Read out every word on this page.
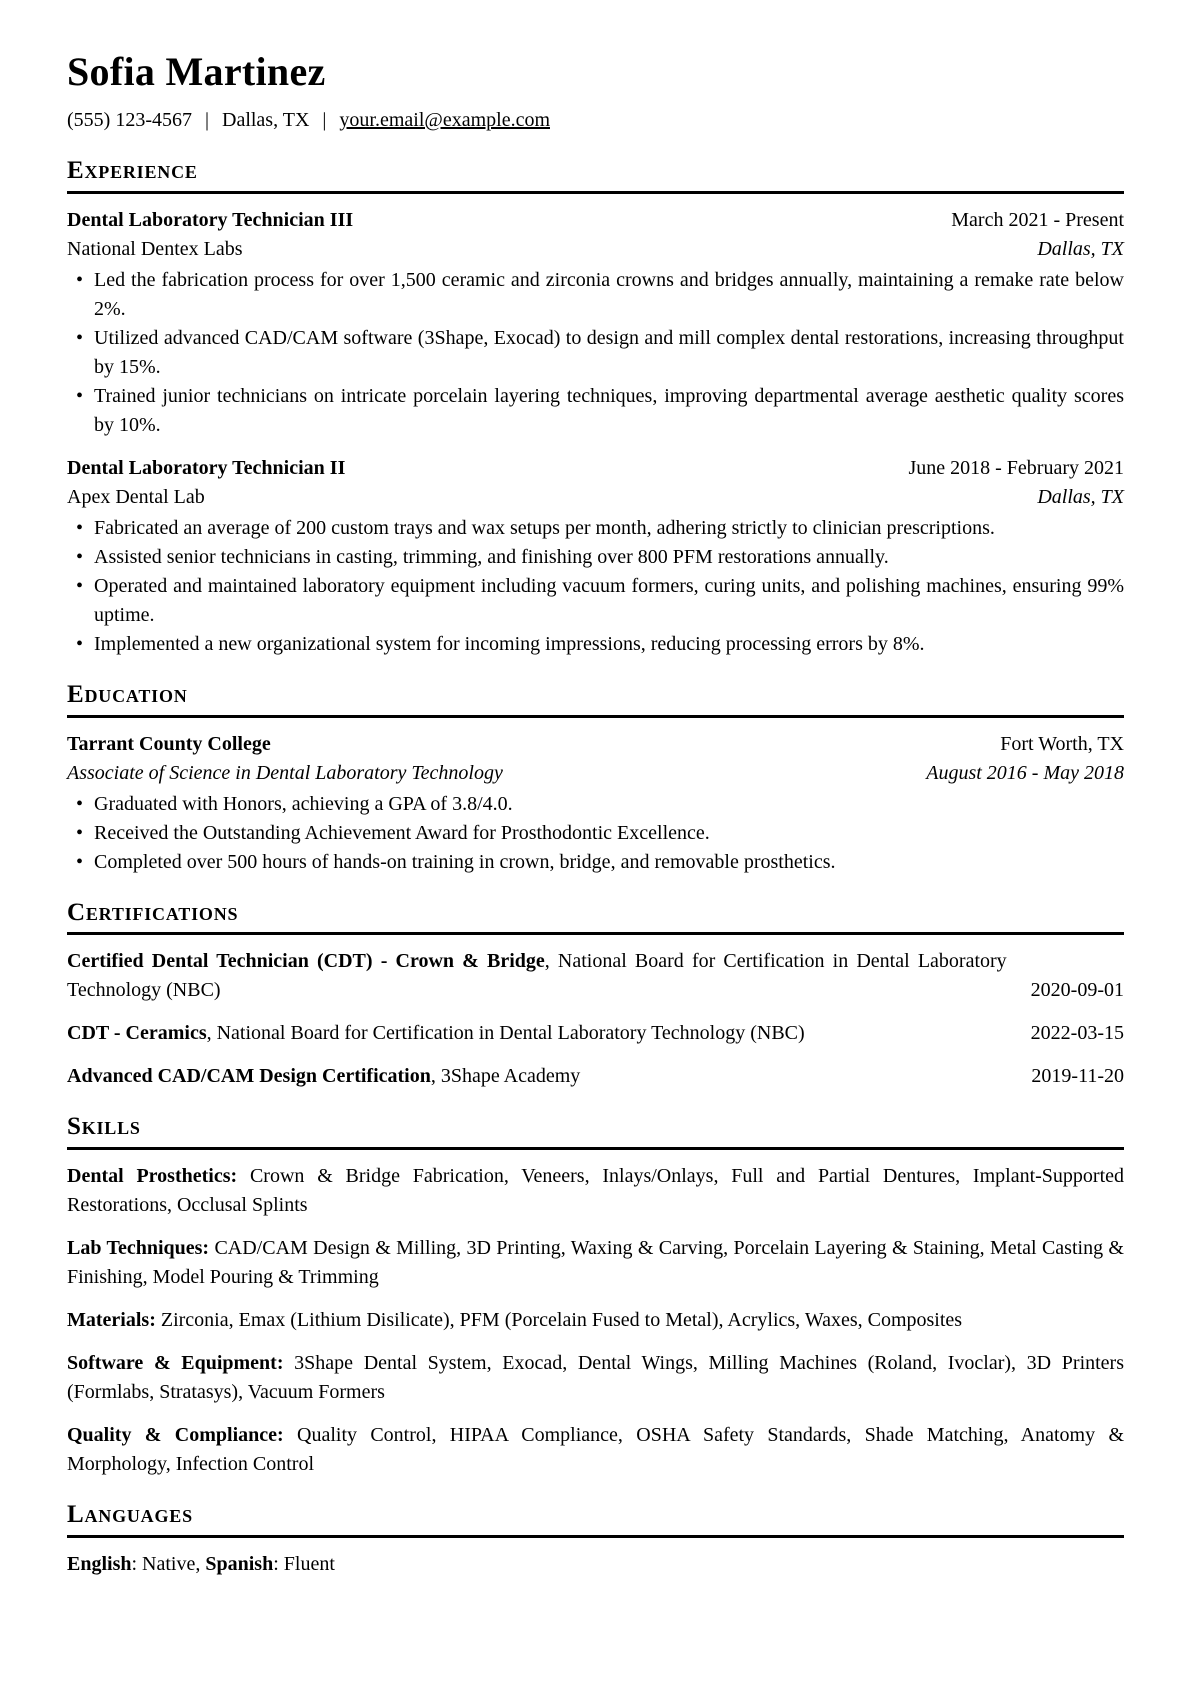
Sofia Martinez
(555) 123-4567 | Dallas, TX | your.email@example.com
Experience
Dental Laboratory Technician III	March 2021 - Present
National Dentex Labs	Dallas, TX
• Led the fabrication process for over 1,500 ceramic and zirconia crowns and bridges annually, maintaining a remake rate below 2%.
• Utilized advanced CAD/CAM software (3Shape, Exocad) to design and mill complex dental restorations, increasing throughput by 15%.
• Trained junior technicians on intricate porcelain layering techniques, improving departmental average aesthetic quality scores by 10%.
Dental Laboratory Technician II	June 2018 - February 2021
Apex Dental Lab	Dallas, TX
• Fabricated an average of 200 custom trays and wax setups per month, adhering strictly to clinician prescriptions.
• Assisted senior technicians in casting, trimming, and finishing over 800 PFM restorations annually.
• Operated and maintained laboratory equipment including vacuum formers, curing units, and polishing machines, ensuring 99% uptime.
• Implemented a new organizational system for incoming impressions, reducing processing errors by 8%.
Education
Tarrant County College	Fort Worth, TX
Associate of Science in Dental Laboratory Technology	August 2016 - May 2018
• Graduated with Honors, achieving a GPA of 3.8/4.0.
• Received the Outstanding Achievement Award for Prosthodontic Excellence.
• Completed over 500 hours of hands-on training in crown, bridge, and removable prosthetics.
Certifications
Certified Dental Technician (CDT) - Crown & Bridge, National Board for Certification in Dental Laboratory Technology (NBC)	2020-09-01
CDT - Ceramics, National Board for Certification in Dental Laboratory Technology (NBC)	2022-03-15
Advanced CAD/CAM Design Certification, 3Shape Academy	2019-11-20
Skills

Dental Prosthetics: Crown & Bridge Fabrication, Veneers, Inlays/Onlays, Full and Partial Dentures, Implant-Supported Restorations, Occlusal Splints

Lab Techniques: CAD/CAM Design & Milling, 3D Printing, Waxing & Carving, Porcelain Layering & Staining, Metal Casting & Finishing, Model Pouring & Trimming

Materials: Zirconia, Emax (Lithium Disilicate), PFM (Porcelain Fused to Metal), Acrylics, Waxes, Composites

Software & Equipment: 3Shape Dental System, Exocad, Dental Wings, Milling Machines (Roland, Ivoclar), 3D Printers (Formlabs, Stratasys), Vacuum Formers

Quality & Compliance: Quality Control, HIPAA Compliance, OSHA Safety Standards, Shade Matching, Anatomy & Morphology, Infection Control

Languages

English: Native, Spanish: Fluent
